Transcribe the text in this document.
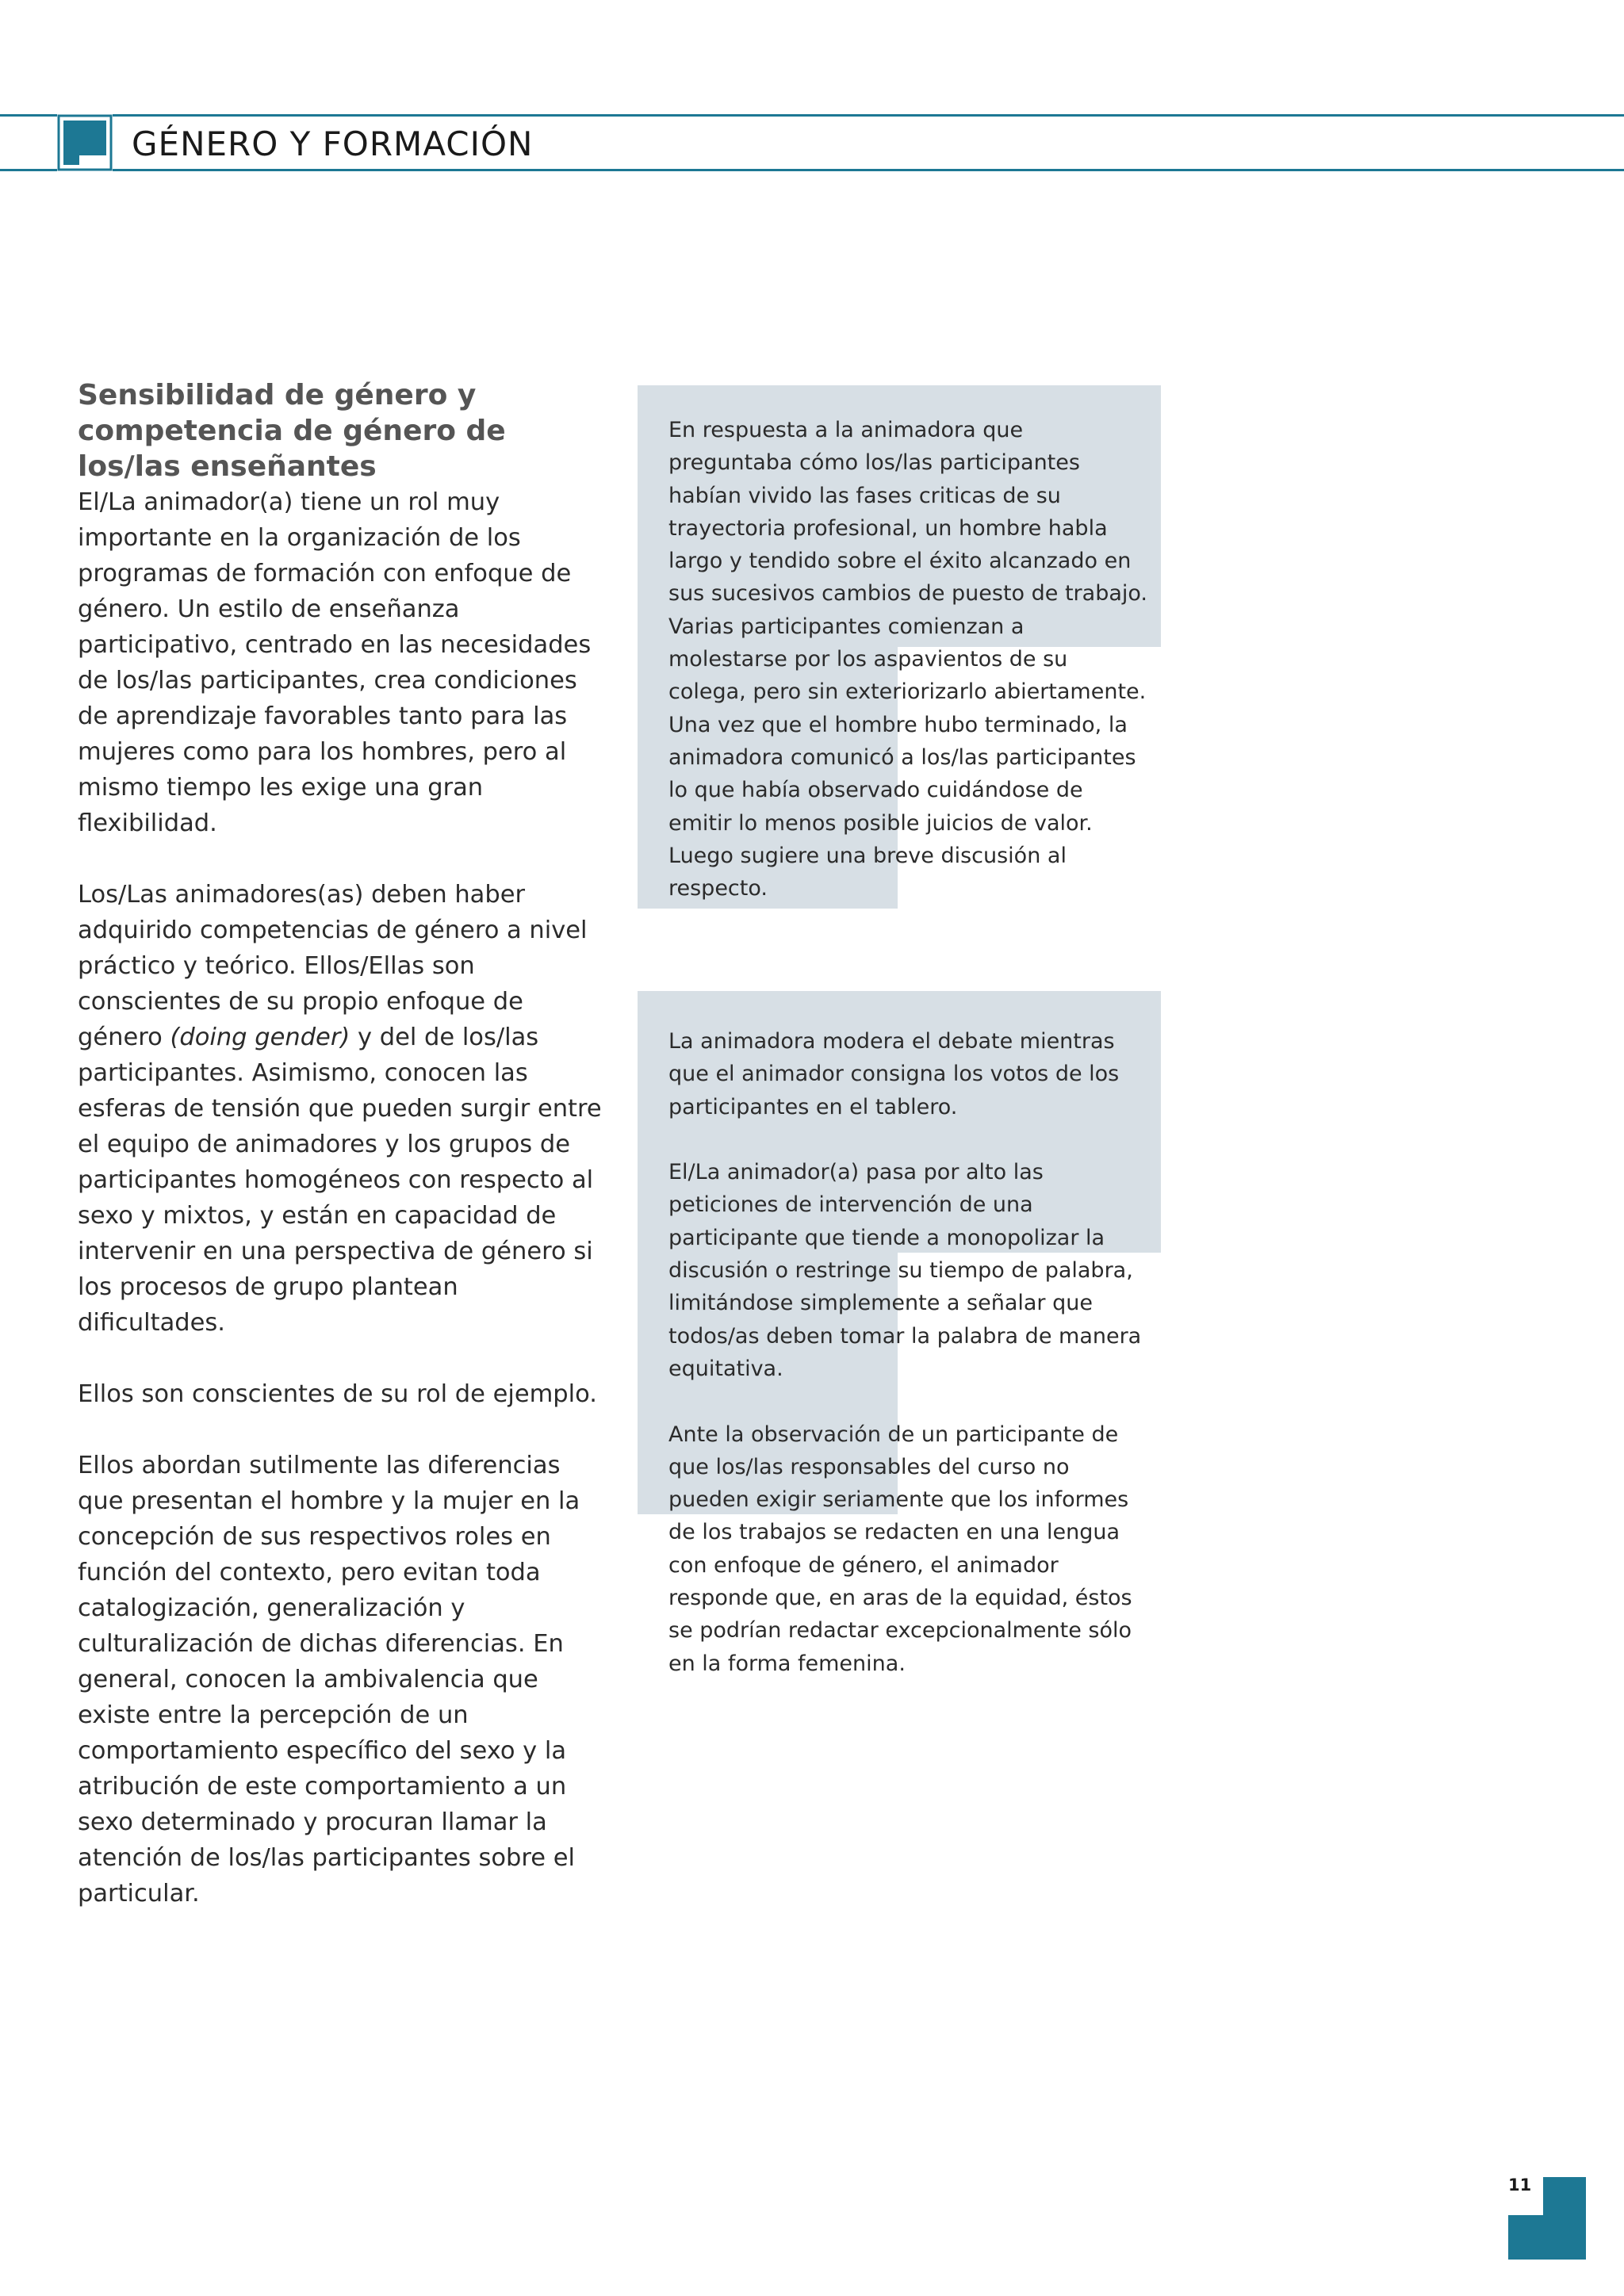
GÉNERO Y FORMACIÓN
Sensibilidad de género y
competencia de género de
los/las enseñantes

El/La animador(a) tiene un rol muy importante en la organización de los programas de formación con enfoque de género. Un estilo de enseñanza participativo, centrado en las necesidades de los/las participantes, crea condiciones de aprendizaje favorables tanto para las mujeres como para los hombres, pero al mismo tiempo les exige una gran flexibilidad.

Los/Las animadores(as) deben haber adquirido competencias de género a nivel práctico y teórico. Ellos/Ellas son conscientes de su propio enfoque de género (doing gender) y del de los/las participantes. Asimismo, conocen las esferas de tensión que pueden surgir entre el equipo de animadores y los grupos de participantes homogéneos con respecto al sexo y mixtos, y están en capacidad de intervenir en una perspectiva de género si los procesos de grupo plantean dificultades.

Ellos son conscientes de su rol de ejemplo.

Ellos abordan sutilmente las diferencias que presentan el hombre y la mujer en la concepción de sus respectivos roles en función del contexto, pero evitan toda catalogización, generalización y culturalización de dichas diferencias. En general, conocen la ambivalencia que existe entre la percepción de un comportamiento específico del sexo y la atribución de este comportamiento a un sexo determinado y procuran llamar la atención de los/las participantes sobre el particular.

En respuesta a la animadora que preguntaba cómo los/las participantes habían vivido las fases criticas de su trayectoria profesional, un hombre habla largo y tendido sobre el éxito alcanzado en sus sucesivos cambios de puesto de trabajo. Varias participantes comienzan a molestarse por los aspavientos de su colega, pero sin exteriorizarlo abiertamente. Una vez que el hombre hubo terminado, la animadora comunicó a los/las participantes lo que había observado cuidándose de emitir lo menos posible juicios de valor. Luego sugiere una breve discusión al respecto.

La animadora modera el debate mientras que el animador consigna los votos de los participantes en el tablero.

El/La animador(a) pasa por alto las peticiones de intervención de una participante que tiende a monopolizar la discusión o restringe su tiempo de palabra, limitándose simplemente a señalar que todos/as deben tomar la palabra de manera equitativa.

Ante la observación de un participante de que los/las responsables del curso no pueden exigir seriamente que los informes de los trabajos se redacten en una lengua con enfoque de género, el animador responde que, en aras de la equidad, éstos se podrían redactar excepcionalmente sólo en la forma femenina.

11
